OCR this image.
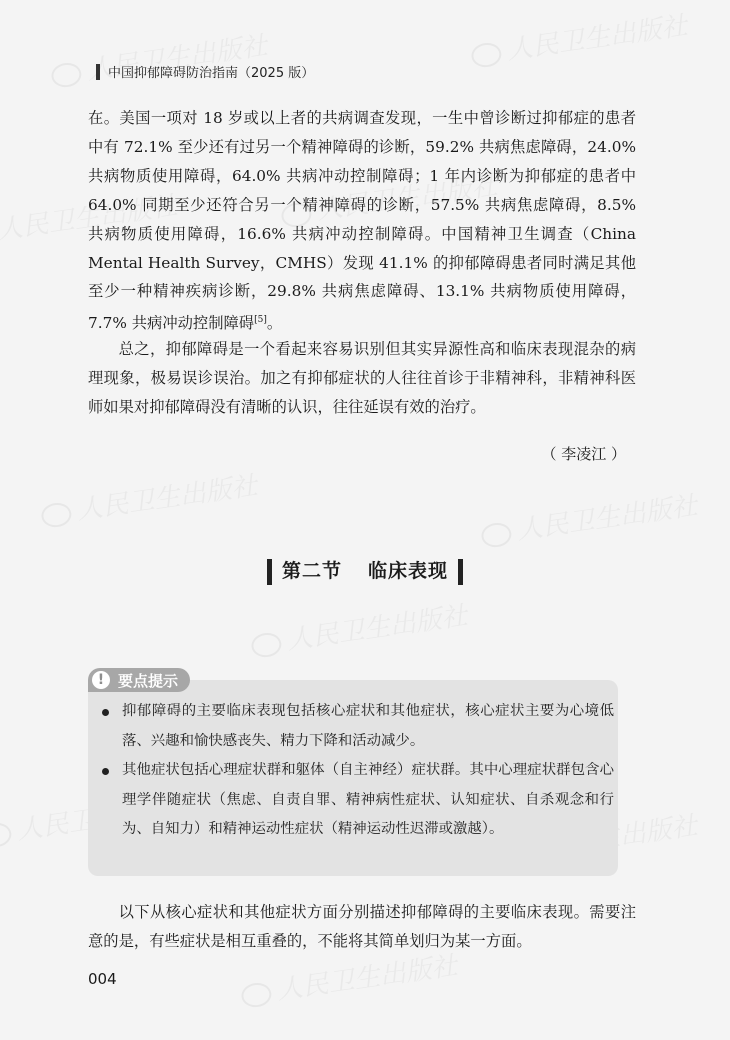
中国抑郁障碍防治指南（2025 版）

在。美国一项对 18 岁或以上者的共病调查发现，一生中曾诊断过抑郁症的患者中有 72.1% 至少还有过另一个精神障碍的诊断，59.2% 共病焦虑障碍，24.0% 共病物质使用障碍，64.0% 共病冲动控制障碍；1 年内诊断为抑郁症的患者中 64.0% 同期至少还符合另一个精神障碍的诊断，57.5% 共病焦虑障碍，8.5% 共病物质使用障碍，16.6% 共病冲动控制障碍。中国精神卫生调查（China Mental Health Survey，CMHS）发现 41.1% 的抑郁障碍患者同时满足其他至少一种精神疾病诊断，29.8% 共病焦虑障碍、13.1% 共病物质使用障碍，7.7% 共病冲动控制障碍[5]。

总之，抑郁障碍是一个看起来容易识别但其实异源性高和临床表现混杂的病理现象，极易误诊误治。加之有抑郁症状的人往往首诊于非精神科，非精神科医师如果对抑郁障碍没有清晰的认识，往往延误有效的治疗。

（ 李凌江 ）
第二节 临床表现
! 要点提示
抑郁障碍的主要临床表现包括核心症状和其他症状，核心症状主要为心境低落、兴趣和愉快感丧失、精力下降和活动减少。
其他症状包括心理症状群和躯体（自主神经）症状群。其中心理症状群包含心理学伴随症状（焦虑、自责自罪、精神病性症状、认知症状、自杀观念和行为、自知力）和精神运动性症状（精神运动性迟滞或激越）。

以下从核心症状和其他症状方面分别描述抑郁障碍的主要临床表现。需要注意的是，有些症状是相互重叠的，不能将其简单划归为某一方面。

004
